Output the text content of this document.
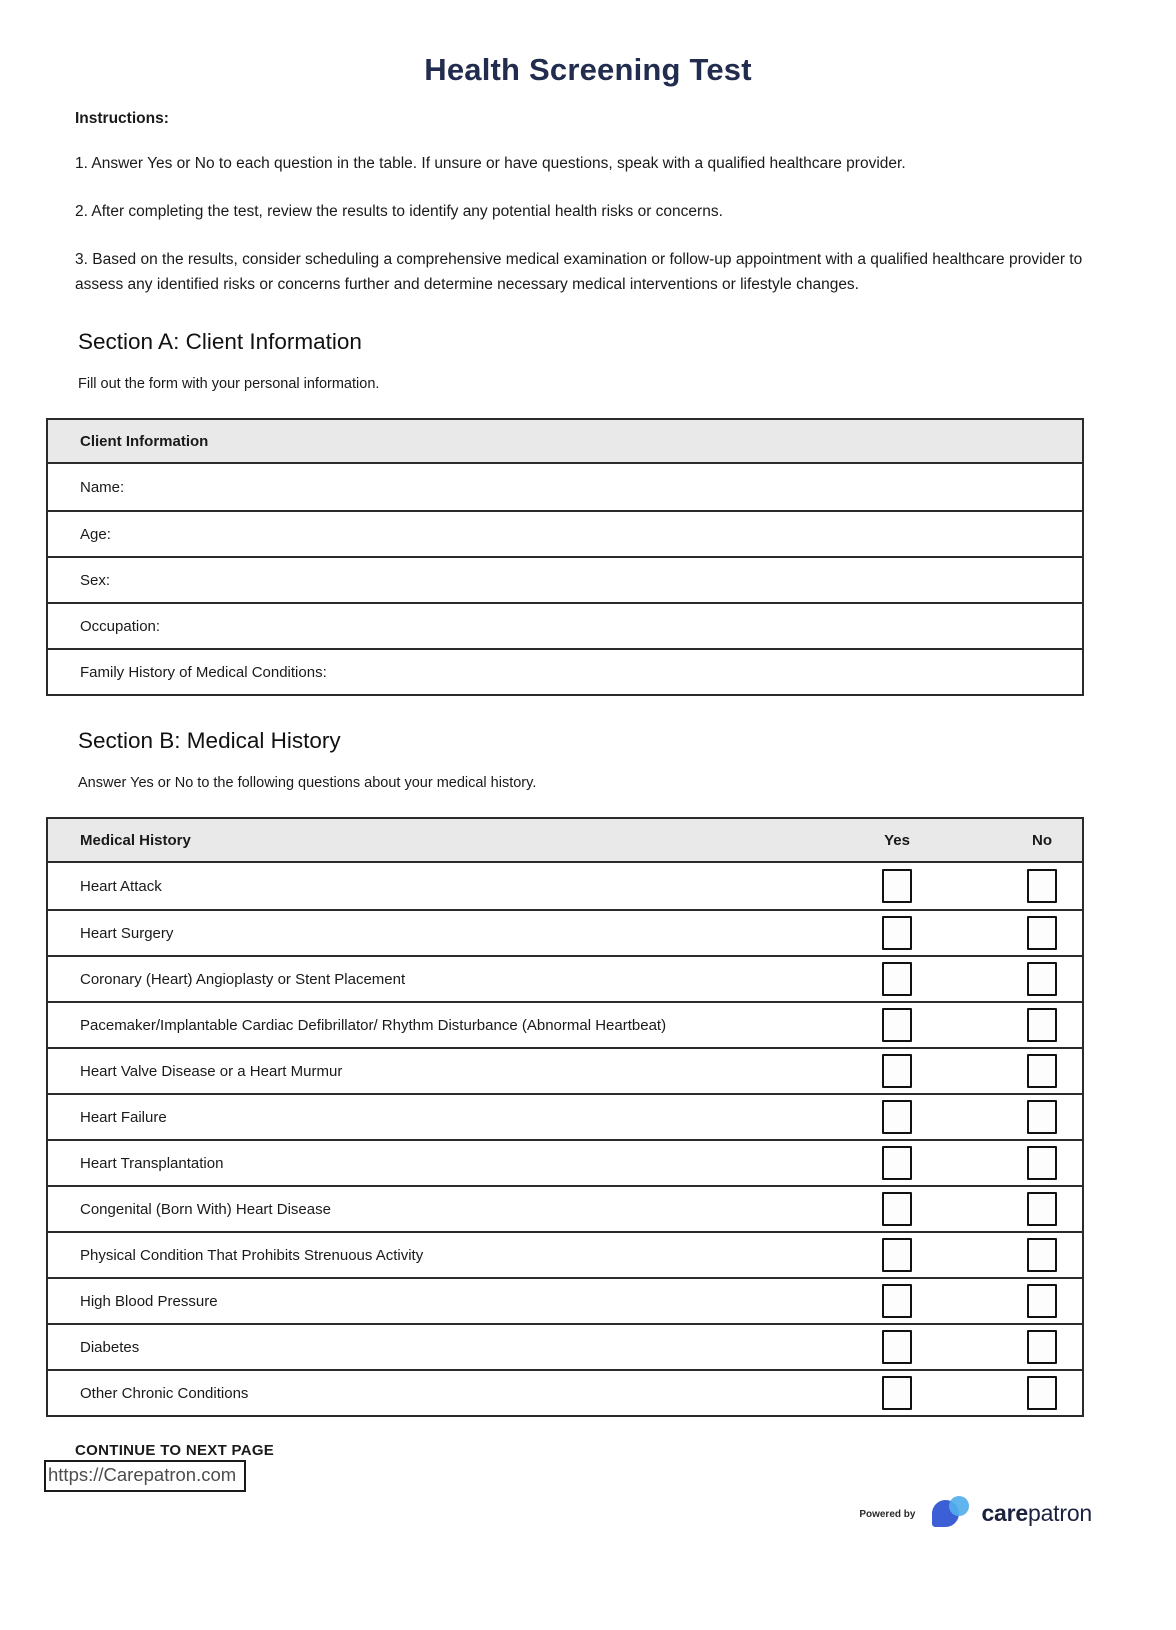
Health Screening Test

Instructions:

1. Answer Yes or No to each question in the table. If unsure or have questions, speak with a qualified healthcare provider.

2. After completing the test, review the results to identify any potential health risks or concerns.

3. Based on the results, consider scheduling a comprehensive medical examination or follow-up appointment with a qualified healthcare provider to assess any identified risks or concerns further and determine necessary medical interventions or lifestyle changes.

Section A: Client Information

Fill out the form with your personal information.

Client Information
Name:
Age:
Sex:
Occupation:
Family History of Medical Conditions:
Section B: Medical History

Answer Yes or No to the following questions about your medical history.

Medical History	Yes	No
Heart Attack
Heart Surgery
Coronary (Heart) Angioplasty or Stent Placement
Pacemaker/Implantable Cardiac Defibrillator/ Rhythm Disturbance (Abnormal Heartbeat)
Heart Valve Disease or a Heart Murmur
Heart Failure
Heart Transplantation
Congenital (Born With) Heart Disease
Physical Condition That Prohibits Strenuous Activity
High Blood Pressure
Diabetes
Other Chronic Conditions

CONTINUE TO NEXT PAGE

https://Carepatron.com
Powered by	carepatron
